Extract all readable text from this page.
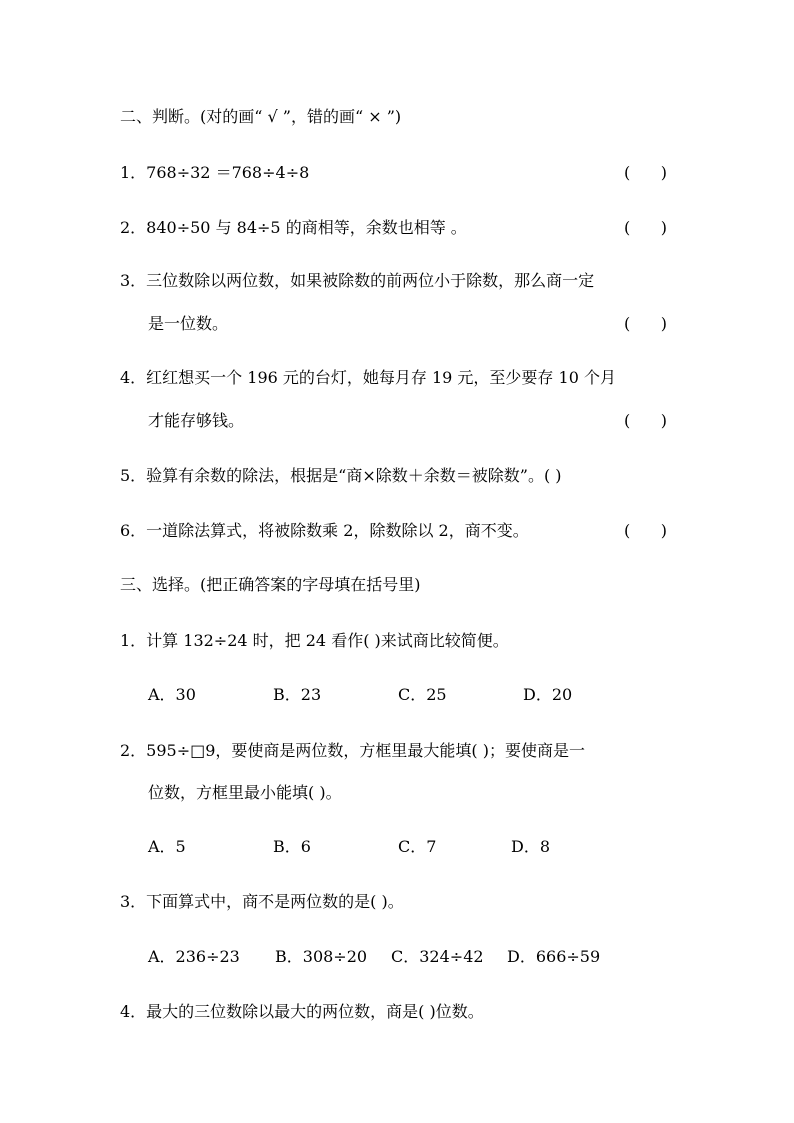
二、判断。(对的画“ √ ”，错的画“ × ”)
1．768÷32 ＝768÷4÷8	(      )
2．840÷50 与 84÷5 的商相等，余数也相等 。	(      )
3．三位数除以两位数，如果被除数的前两位小于除数，那么商一定
是一位数。	(      )
4．红红想买一个 196 元的台灯，她每月存 19 元，至少要存 10 个月
才能存够钱。	(      )
5．验算有余数的除法，根据是“商×除数＋余数＝被除数”。( )
6．一道除法算式，将被除数乘 2，除数除以 2，商不变。	(      )
三、选择。(把正确答案的字母填在括号里)
1．计算 132÷24 时，把 24 看作( )来试商比较简便。
A．30	B．23	C．25	D．20
2．595÷□9，要使商是两位数，方框里最大能填( )；要使商是一
位数，方框里最小能填( )。
A．5	B．6	C．7	D．8
3．下面算式中，商不是两位数的是( )。
A．236÷23 B．308÷20 C．324÷42 D．666÷59
4．最大的三位数除以最大的两位数，商是( )位数。
